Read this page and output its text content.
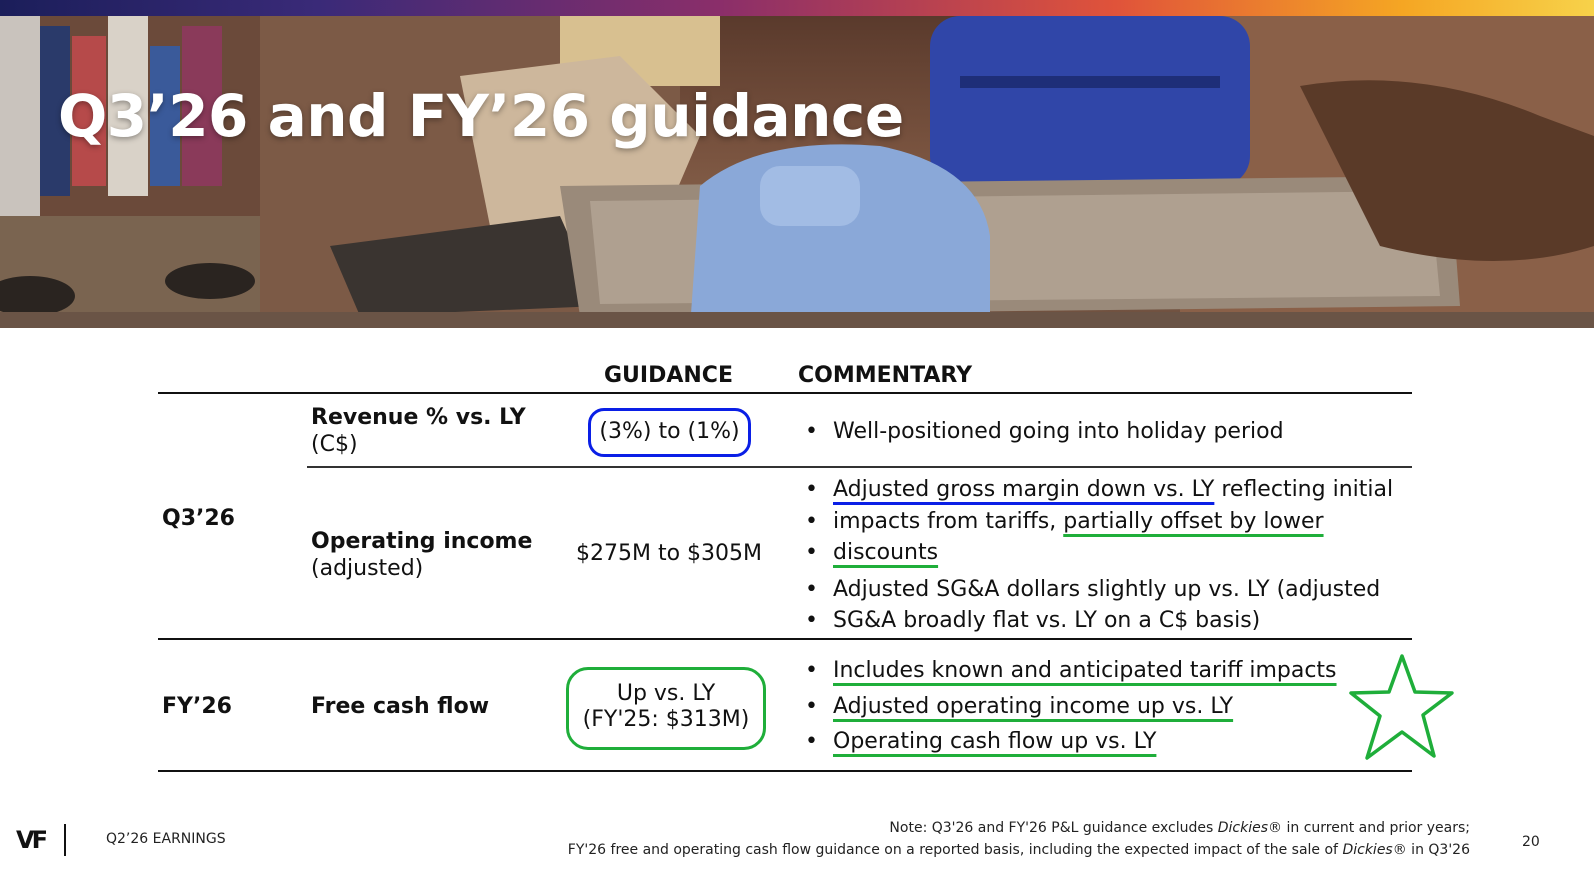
Q3’26 and FY’26 guidance
GUIDANCE	COMMENTARY
Q3’26
Revenue % vs. LY
(C$)
(3%) to (1%)
•	Well-positioned going into holiday period
Operating income
(adjusted)
$275M to $305M
• Adjusted gross margin down vs. LY reflecting initial
• impacts from tariffs, partially offset by lower
• discounts
• Adjusted SG&A dollars slightly up vs. LY (adjusted
• SG&A broadly flat vs. LY on a C$ basis)
FY’26	Free cash flow
Up vs. LY
(FY'25: $313M)
• Includes known and anticipated tariff impacts
• Adjusted operating income up vs. LY
• Operating cash flow up vs. LY
VF	Q2’26 EARNINGS
Note: Q3'26 and FY'26 P&L guidance excludes Dickies® in current and prior years;
FY'26 free and operating cash flow guidance on a reported basis, including the expected impact of the sale of Dickies® in Q3'26	20
